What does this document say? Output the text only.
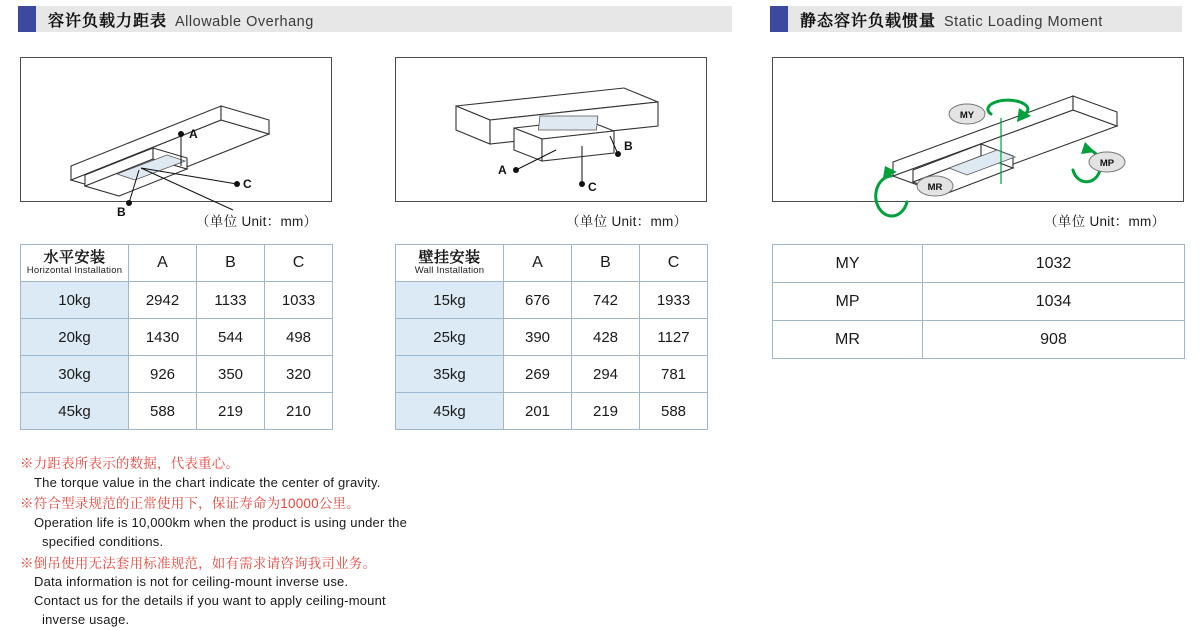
容许负载力距表 Allowable Overhang	静态容许负载惯量 Static Loading Moment
A
C
B
（单位 Unit：mm）
A
C
B
（单位 Unit：mm）
MY
MP
MR
（单位 Unit：mm）
水平安装
Horizontal Installation	A	B	C
10kg	2942	1133	1033
20kg	1430	544	498
30kg	926	350	320
45kg	588	219	210
壁挂安装
Wall Installation	A	B	C
15kg	676	742	1933
25kg	390	428	1127
35kg	269	294	781
45kg	201	219	588
MY	1032
MP	1034
MR	908
※力距表所表示的数据，代表重心。
The torque value in the chart indicate the center of gravity.
※符合型录规范的正常使用下，保证寿命为10000公里。
Operation life is 10,000km when the product is using under the
specified conditions.
※倒吊使用无法套用标准规范，如有需求请咨询我司业务。
Data information is not for ceiling-mount inverse use.
Contact us for the details if you want to apply ceiling-mount
inverse usage.
